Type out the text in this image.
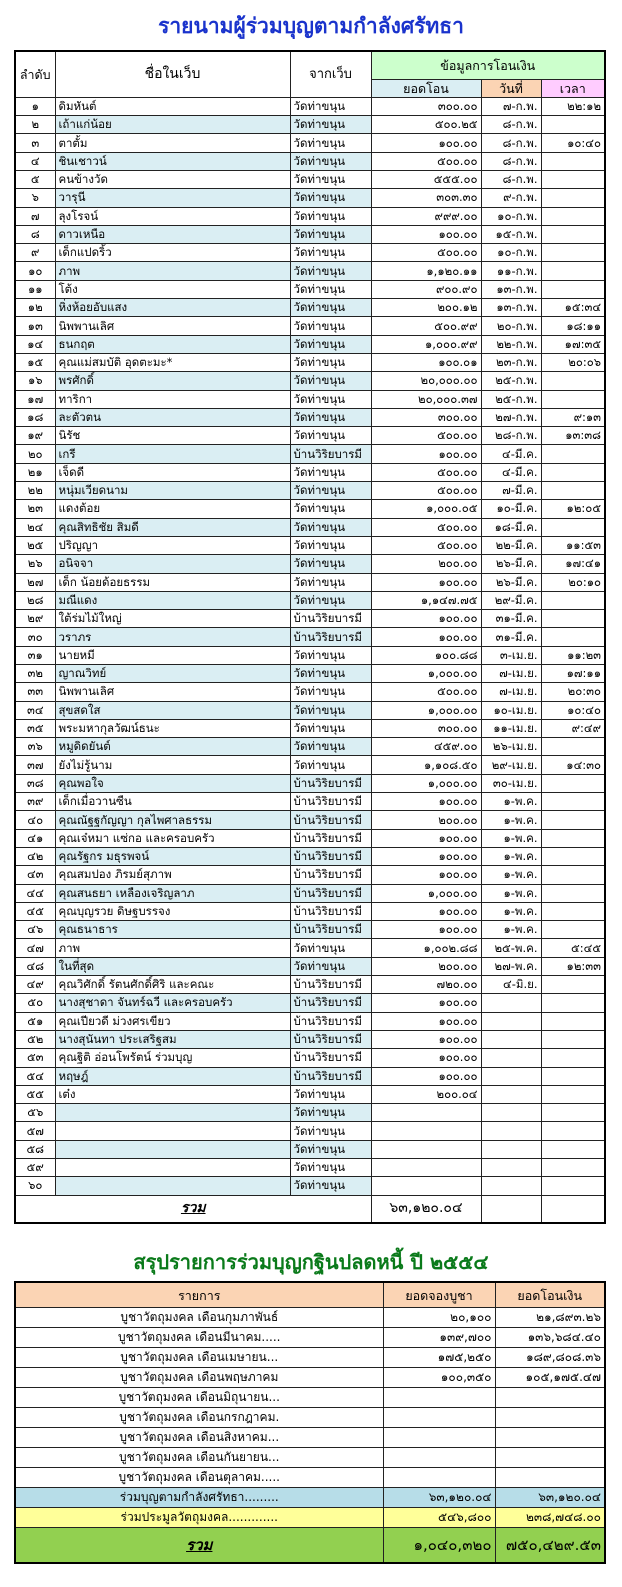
รายนามผู้ร่วมบุญตามกำลังศรัทธา
ลำดับ	ชื่อในเว็บ	จากเว็บ	ข้อมูลการโอนเงิน		
			ยอดโอน	วันที่	เวลา
๑	ดิมหันต์	วัดท่าขนุน	๓๐๐.๐๐	๗-ก.พ.	๒๒:๑๒
๒	เถ้าแก่น้อย	วัดท่าขนุน	๕๐๐.๒๕	๘-ก.พ.	
๓	ตาตั้ม	วัดท่าขนุน	๑๐๐.๐๐	๘-ก.พ.	๑๐:๔๐
๔	ชินเชาวน์	วัดท่าขนุน	๕๐๐.๐๐	๘-ก.พ.	
๕	คนข้างวัด	วัดท่าขนุน	๕๕๕.๐๐	๘-ก.พ.	
๖	วารุนี	วัดท่าขนุน	๓๐๓.๓๐	๙-ก.พ.	
๗	ลุงโรจน์	วัดท่าขนุน	๙๙๙.๐๐	๑๐-ก.พ.	
๘	ดาวเหนือ	วัดท่าขนุน	๑๐๐.๐๐	๑๕-ก.พ.	
๙	เด็กแปดริ้ว	วัดท่าขนุน	๕๐๐.๐๐	๑๐-ก.พ.	
๑๐	ภาพ	วัดท่าขนุน	๑,๑๒๐.๑๑	๑๑-ก.พ.	
๑๑	โต้ง	วัดท่าขนุน	๙๐๐.๙๐	๑๓-ก.พ.	
๑๒	หิ่งห้อยอับแสง	วัดท่าขนุน	๒๐๐.๑๒	๑๓-ก.พ.	๑๕:๓๔
๑๓	นิพพานเลิศ	วัดท่าขนุน	๕๐๐.๙๙	๒๐-ก.พ.	๑๘:๑๑
๑๔	ธนกฤต	วัดท่าขนุน	๑,๐๐๐.๙๙	๒๒-ก.พ.	๑๗:๓๕
๑๕	คุณแม่สมบัติ อุดตะมะ*	วัดท่าขนุน	๑๐๐.๐๑	๒๓-ก.พ.	๒๐:๐๖
๑๖	พรศักดิ์	วัดท่าขนุน	๒๐,๐๐๐.๐๐	๒๕-ก.พ.	
๑๗	ทาริกา	วัดท่าขนุน	๒๐,๐๐๐.๓๗	๒๕-ก.พ.	
๑๘	ละตัวตน	วัดท่าขนุน	๓๐๐.๐๐	๒๗-ก.พ.	๙:๑๓
๑๙	นิรัช	วัดท่าขนุน	๕๐๐.๐๐	๒๘-ก.พ.	๑๓:๓๘
๒๐	เกรี	บ้านวิริยบารมี	๑๐๐.๐๐	๔-มี.ค.	
๒๑	เจ็ดดี	วัดท่าขนุน	๕๐๐.๐๐	๔-มี.ค.	
๒๒	หนุ่มเวียดนาม	วัดท่าขนุน	๕๐๐.๐๐	๗-มี.ค.	
๒๓	แดงต้อย	วัดท่าขนุน	๑,๐๐๐.๐๕	๑๐-มี.ค.	๑๒:๐๕
๒๔	คุณสิทธิชัย สิมดี	วัดท่าขนุน	๕๐๐.๐๐	๑๘-มี.ค.	
๒๕	ปริญญา	วัดท่าขนุน	๕๐๐.๐๐	๒๒-มี.ค.	๑๑:๕๓
๒๖	อนิจจา	วัดท่าขนุน	๒๐๐.๐๐	๒๖-มี.ค.	๑๗:๔๑
๒๗	เด็ก น้อยด้อยธรรม	วัดท่าขนุน	๑๐๐.๐๐	๒๖-มี.ค.	๒๐:๑๐
๒๘	มณีแดง	วัดท่าขนุน	๑,๑๔๗.๗๕	๒๙-มี.ค.	
๒๙	ใต้ร่มไม้ใหญ่	บ้านวิริยบารมี	๑๐๐.๐๐	๓๑-มี.ค.	
๓๐	วราภร	บ้านวิริยบารมี	๑๐๐.๐๐	๓๑-มี.ค.	
๓๑	นายหมี	วัดท่าขนุน	๑๐๐.๘๘	๓-เม.ย.	๑๑:๒๓
๓๒	ญาณวิทย์	วัดท่าขนุน	๑,๐๐๐.๐๐	๗-เม.ย.	๑๗:๑๑
๓๓	นิพพานเลิศ	วัดท่าขนุน	๕๐๐.๐๐	๗-เม.ย.	๒๐:๓๐
๓๔	สุขสดใส	วัดท่าขนุน	๑,๐๐๐.๐๐	๑๐-เม.ย.	๑๐:๔๐
๓๕	พระมหากุลวัฒน์ธนะ	วัดท่าขนุน	๓๐๐.๐๐	๑๑-เม.ย.	๙:๔๙
๓๖	หมูดิดยันต์	วัดท่าขนุน	๔๕๙.๐๐	๒๖-เม.ย.	
๓๗	ยังไม่รู้นาม	วัดท่าขนุน	๑,๑๐๘.๕๐	๒๙-เม.ย.	๑๔:๓๐
๓๘	คุณพอใจ	บ้านวิริยบารมี	๑,๐๐๐.๐๐	๓๐-เม.ย.	
๓๙	เด็กเมื่อวานซืน	บ้านวิริยบารมี	๑๐๐.๐๐	๑-พ.ค.	
๔๐	คุณณัฐฐกัญญา กุลไพศาลธรรม	บ้านวิริยบารมี	๒๐๐.๐๐	๑-พ.ค.	
๔๑	คุณเจ๋หมา แซ่กอ และครอบครัว	บ้านวิริยบารมี	๑๐๐.๐๐	๑-พ.ค.	
๔๒	คุณรัฐกร มธุรพจน์	บ้านวิริยบารมี	๑๐๐.๐๐	๑-พ.ค.	
๔๓	คุณสมปอง ภิรมย์สุภาพ	บ้านวิริยบารมี	๑๐๐.๐๐	๑-พ.ค.	
๔๔	คุณสนธยา เหลืองเจริญลาภ	บ้านวิริยบารมี	๑,๐๐๐.๐๐	๑-พ.ค.	
๔๕	คุณบุญรวย ดิษฐบรรจง	บ้านวิริยบารมี	๑๐๐.๐๐	๑-พ.ค.	
๔๖	คุณธนาธาร	บ้านวิริยบารมี	๑๐๐.๐๐	๑-พ.ค.	
๔๗	ภาพ	วัดท่าขนุน	๑,๐๐๒.๘๘	๒๕-พ.ค.	๕:๔๕
๔๘	ในที่สุด	วัดท่าขนุน	๒๐๐.๐๐	๒๗-พ.ค.	๑๒:๓๓
๔๙	คุณวิศักดิ์ รัตนศักดิ์ศิริ และคณะ	บ้านวิริยบารมี	๗๒๐.๐๐	๔-มิ.ย.	
๕๐	นางสุชาดา จันทร์ฉวี และครอบครัว	บ้านวิริยบารมี	๑๐๐.๐๐		
๕๑	คุณเปียวดี ม่วงศรเขียว	บ้านวิริยบารมี	๑๐๐.๐๐		
๕๒	นางสุนันทา ประเสริฐสม	บ้านวิริยบารมี	๑๐๐.๐๐		
๕๓	คุณฐิติ อ่อนโพรัตน์ ร่วมบุญ	บ้านวิริยบารมี	๑๐๐.๐๐		
๕๔	หฤษฎ์	บ้านวิริยบารมี	๑๐๐.๐๐		
๕๕	เต๋ง	วัดท่าขนุน	๒๐๐.๐๔		
๕๖		วัดท่าขนุน			
๕๗		วัดท่าขนุน			
๕๘		วัดท่าขนุน			
๕๙		วัดท่าขนุน			
๖๐		วัดท่าขนุน			
รวม			๖๓,๑๒๐.๐๔		
สรุปรายการร่วมบุญกฐินปลดหนี้ ปี ๒๕๕๔
รายการ	ยอดจองบูชา	ยอดโอนเงิน
บูชาวัตถุมงคล เดือนกุมภาพันธ์	๒๐,๑๐๐	๒๑,๘๙๓.๒๖
บูชาวัตถุมงคล เดือนมีนาคม.....	๑๓๙,๗๐๐	๑๓๖,๖๘๔.๔๐
บูชาวัตถุมงคล เดือนเมษายน...	๑๗๕,๒๕๐	๑๘๙,๘๐๘.๓๖
บูชาวัตถุมงคล เดือนพฤษภาคม	๑๐๐,๓๕๐	๑๐๕,๑๗๕.๔๗
บูชาวัตถุมงคล เดือนมิถุนายน...		
บูชาวัตถุมงคล เดือนกรกฎาคม.		
บูชาวัตถุมงคล เดือนสิงหาคม...		
บูชาวัตถุมงคล เดือนกันยายน...		
บูชาวัตถุมงคล เดือนตุลาคม.....		
ร่วมบุญตามกำลังศรัทธา.........	๖๓,๑๒๐.๐๔	๖๓,๑๒๐.๐๔
ร่วมประมูลวัตถุมงคล.............	๕๔๖,๘๐๐	๒๓๘,๗๔๘.๐๐
รวม	๑,๐๔๐,๓๒๐	๗๕๐,๔๒๙.๕๓
